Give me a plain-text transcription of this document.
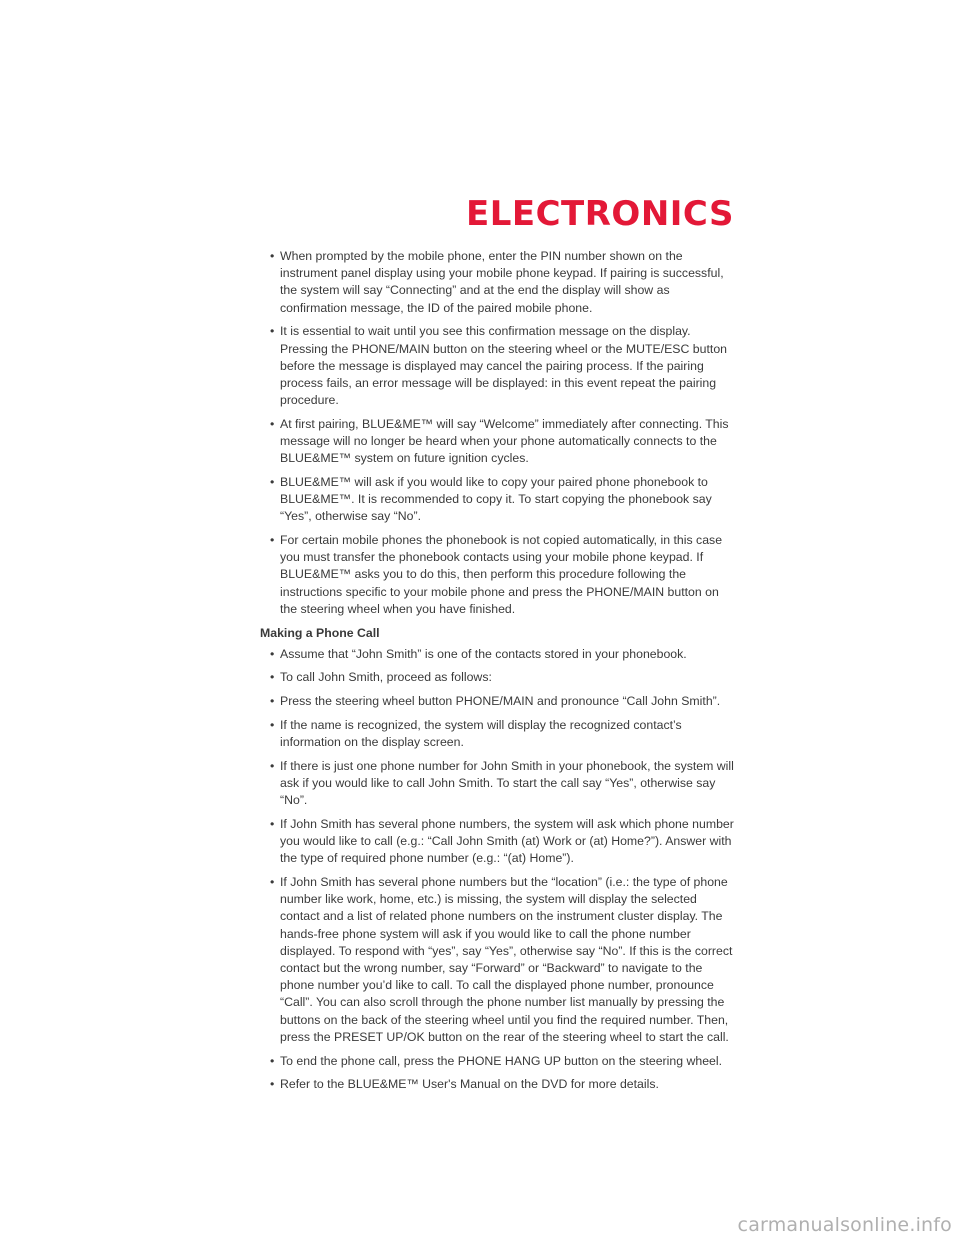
ELECTRONICS
• When prompted by the mobile phone, enter the PIN number shown on the instrument panel display using your mobile phone keypad. If pairing is successful, the system will say “Connecting” and at the end the display will show as confirmation message, the ID of the paired mobile phone.
• It is essential to wait until you see this confirmation message on the display. Pressing the PHONE/MAIN button on the steering wheel or the MUTE/ESC button before the message is displayed may cancel the pairing process. If the pairing process fails, an error message will be displayed: in this event repeat the pairing procedure.
• At first pairing, BLUE&ME™ will say “Welcome” immediately after connecting. This message will no longer be heard when your phone automatically connects to the BLUE&ME™ system on future ignition cycles.
• BLUE&ME™ will ask if you would like to copy your paired phone phonebook to BLUE&ME™. It is recommended to copy it. To start copying the phonebook say “Yes”, otherwise say “No”.
• For certain mobile phones the phonebook is not copied automatically, in this case you must transfer the phonebook contacts using your mobile phone keypad. If BLUE&ME™ asks you to do this, then perform this procedure following the instructions specific to your mobile phone and press the PHONE/MAIN button on the steering wheel when you have finished.
Making a Phone Call
• Assume that “John Smith” is one of the contacts stored in your phonebook.
• To call John Smith, proceed as follows:
• Press the steering wheel button PHONE/MAIN and pronounce “Call John Smith”.
• If the name is recognized, the system will display the recognized contact’s information on the display screen.
• If there is just one phone number for John Smith in your phonebook, the system will ask if you would like to call John Smith. To start the call say “Yes”, otherwise say “No”.
• If John Smith has several phone numbers, the system will ask which phone number you would like to call (e.g.: “Call John Smith (at) Work or (at) Home?”). Answer with the type of required phone number (e.g.: “(at) Home”).
• If John Smith has several phone numbers but the “location” (i.e.: the type of phone number like work, home, etc.) is missing, the system will display the selected contact and a list of related phone numbers on the instrument cluster display. The hands-free phone system will ask if you would like to call the phone number displayed. To respond with “yes”, say “Yes”, otherwise say “No”. If this is the correct contact but the wrong number, say “Forward” or “Backward” to navigate to the phone number you’d like to call. To call the displayed phone number, pronounce “Call”. You can also scroll through the phone number list manually by pressing the buttons on the back of the steering wheel until you find the required number. Then, press the PRESET UP/OK button on the rear of the steering wheel to start the call.
• To end the phone call, press the PHONE HANG UP button on the steering wheel.
• Refer to the BLUE&ME™ User's Manual on the DVD for more details.
carmanualsonline.info
